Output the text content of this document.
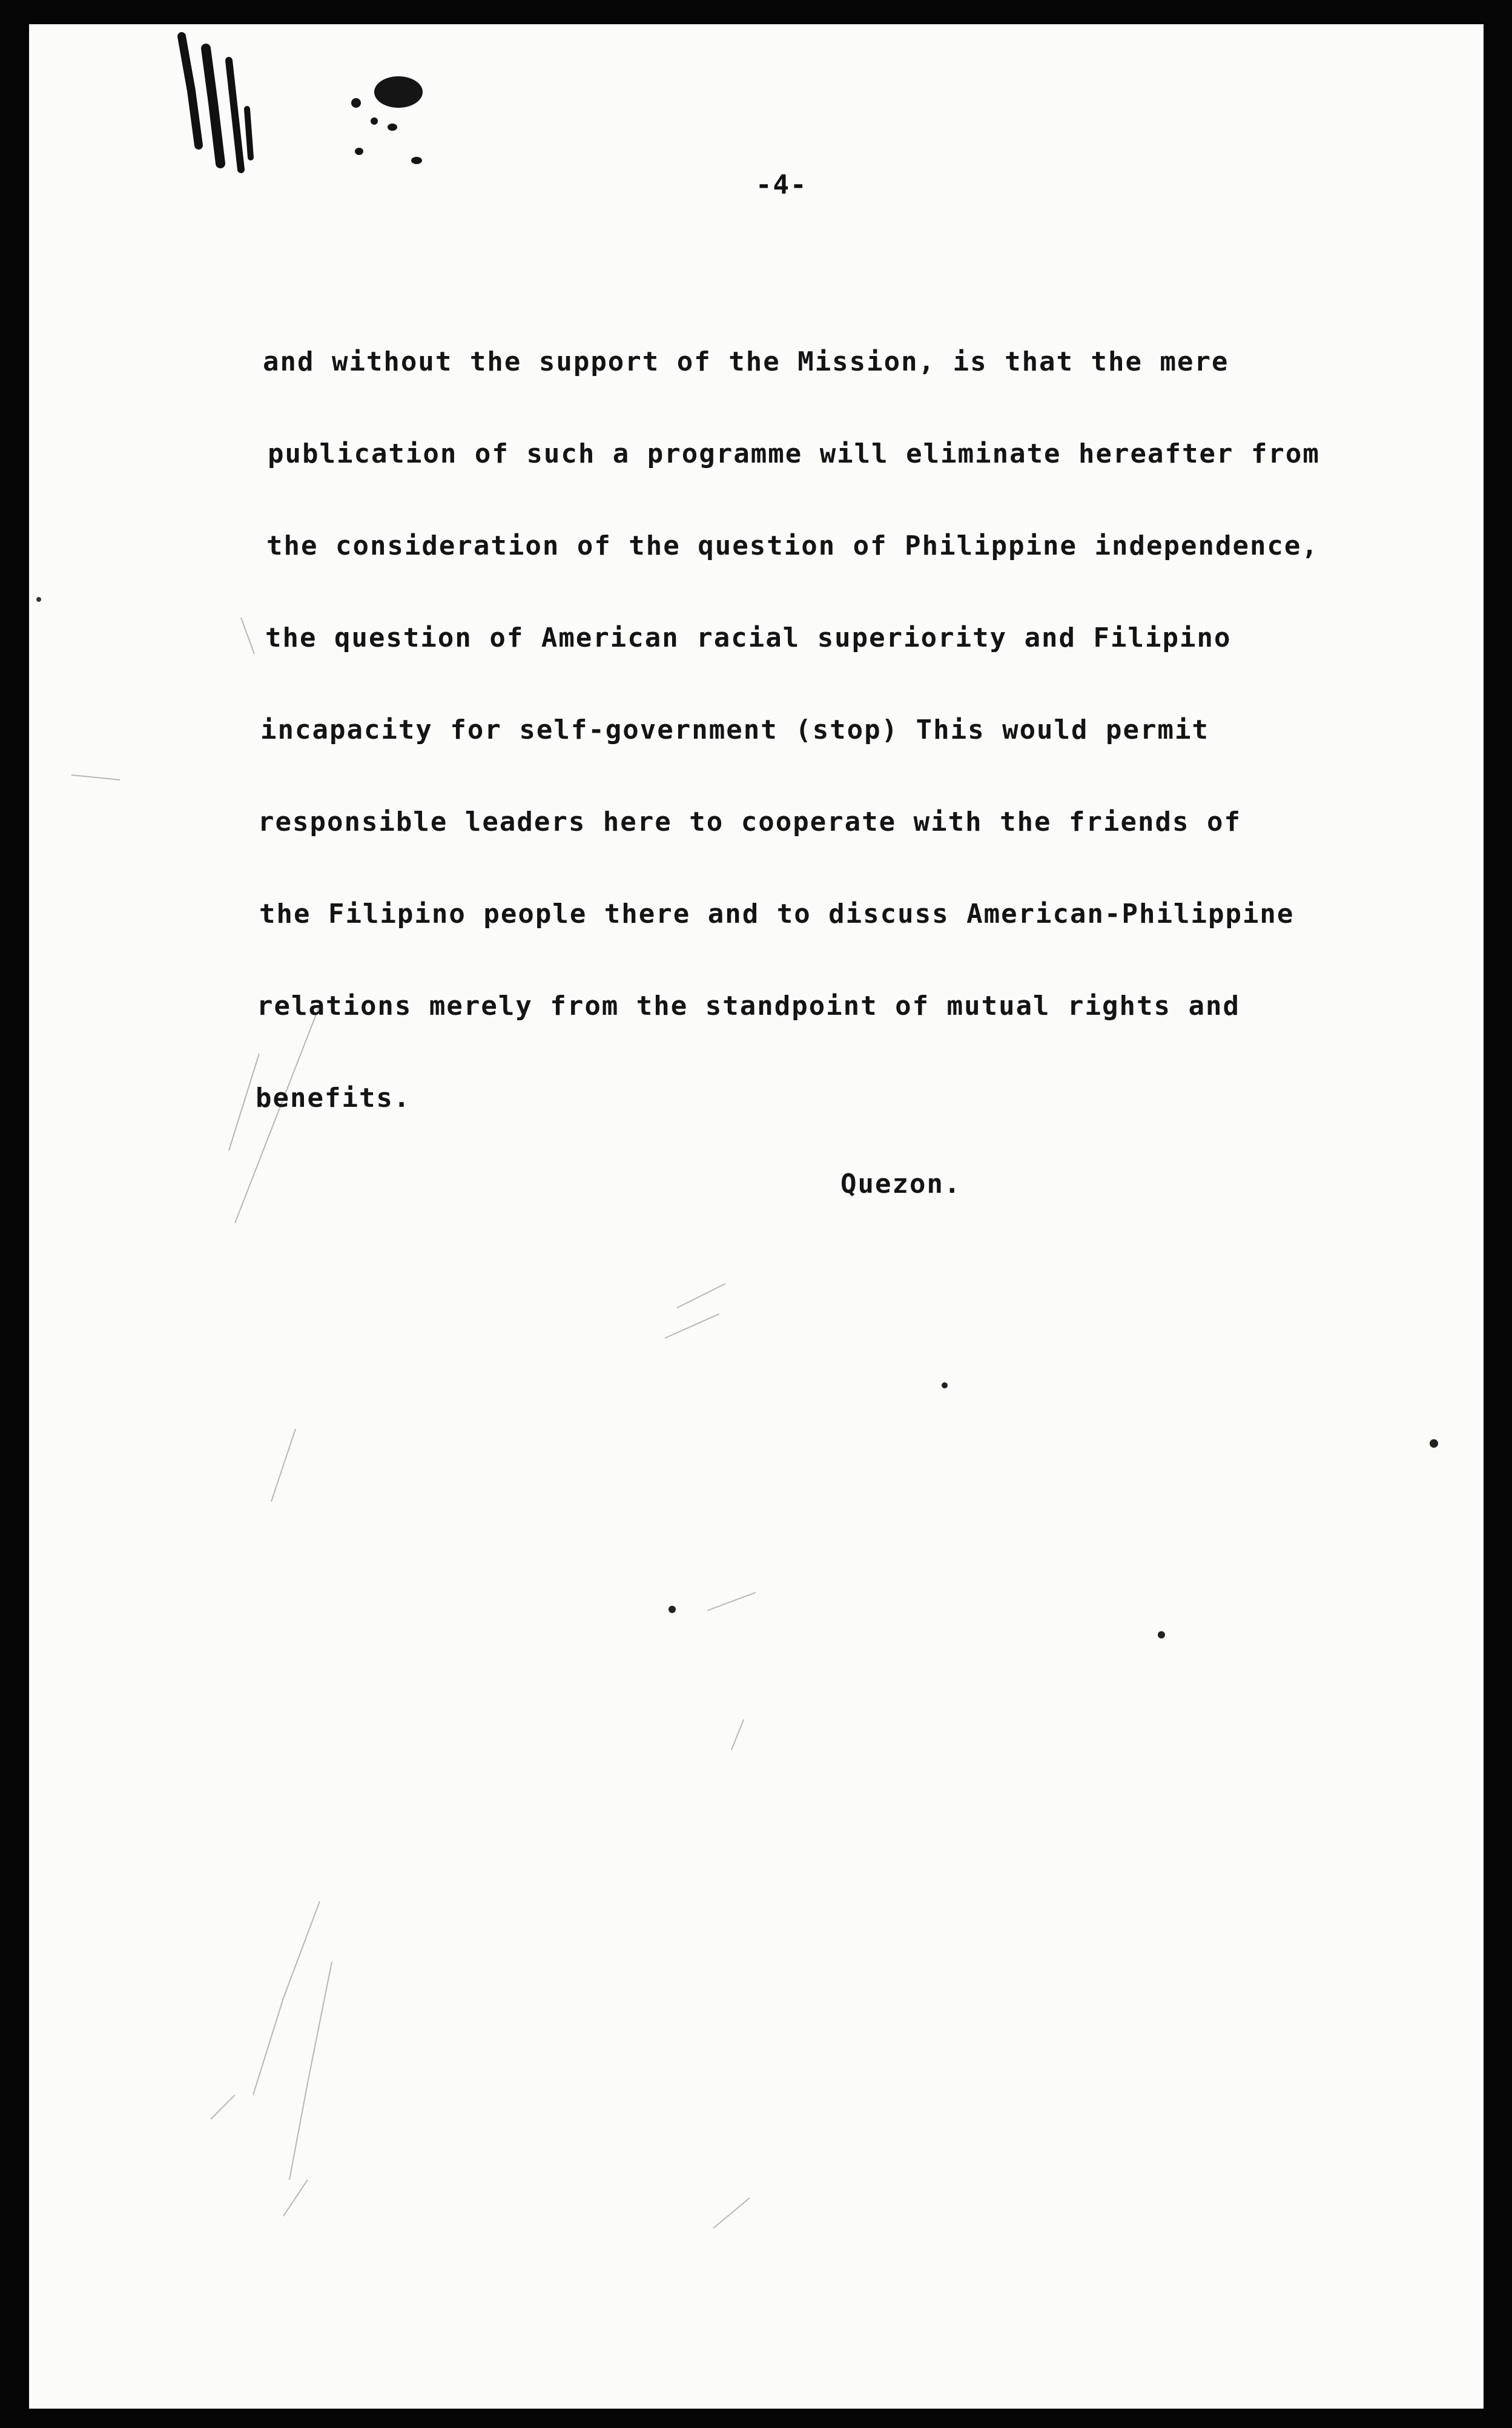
-4-

and without the support of the Mission, is that the mere
publication of such a programme will eliminate hereafter from
the consideration of the question of Philippine independence,
the question of American racial superiority and Filipino
incapacity for self-government (stop) This would permit
responsible leaders here to cooperate with the friends of
the Filipino people there and to discuss American-Philippine
relations merely from the standpoint of mutual rights and
benefits.

Quezon.
